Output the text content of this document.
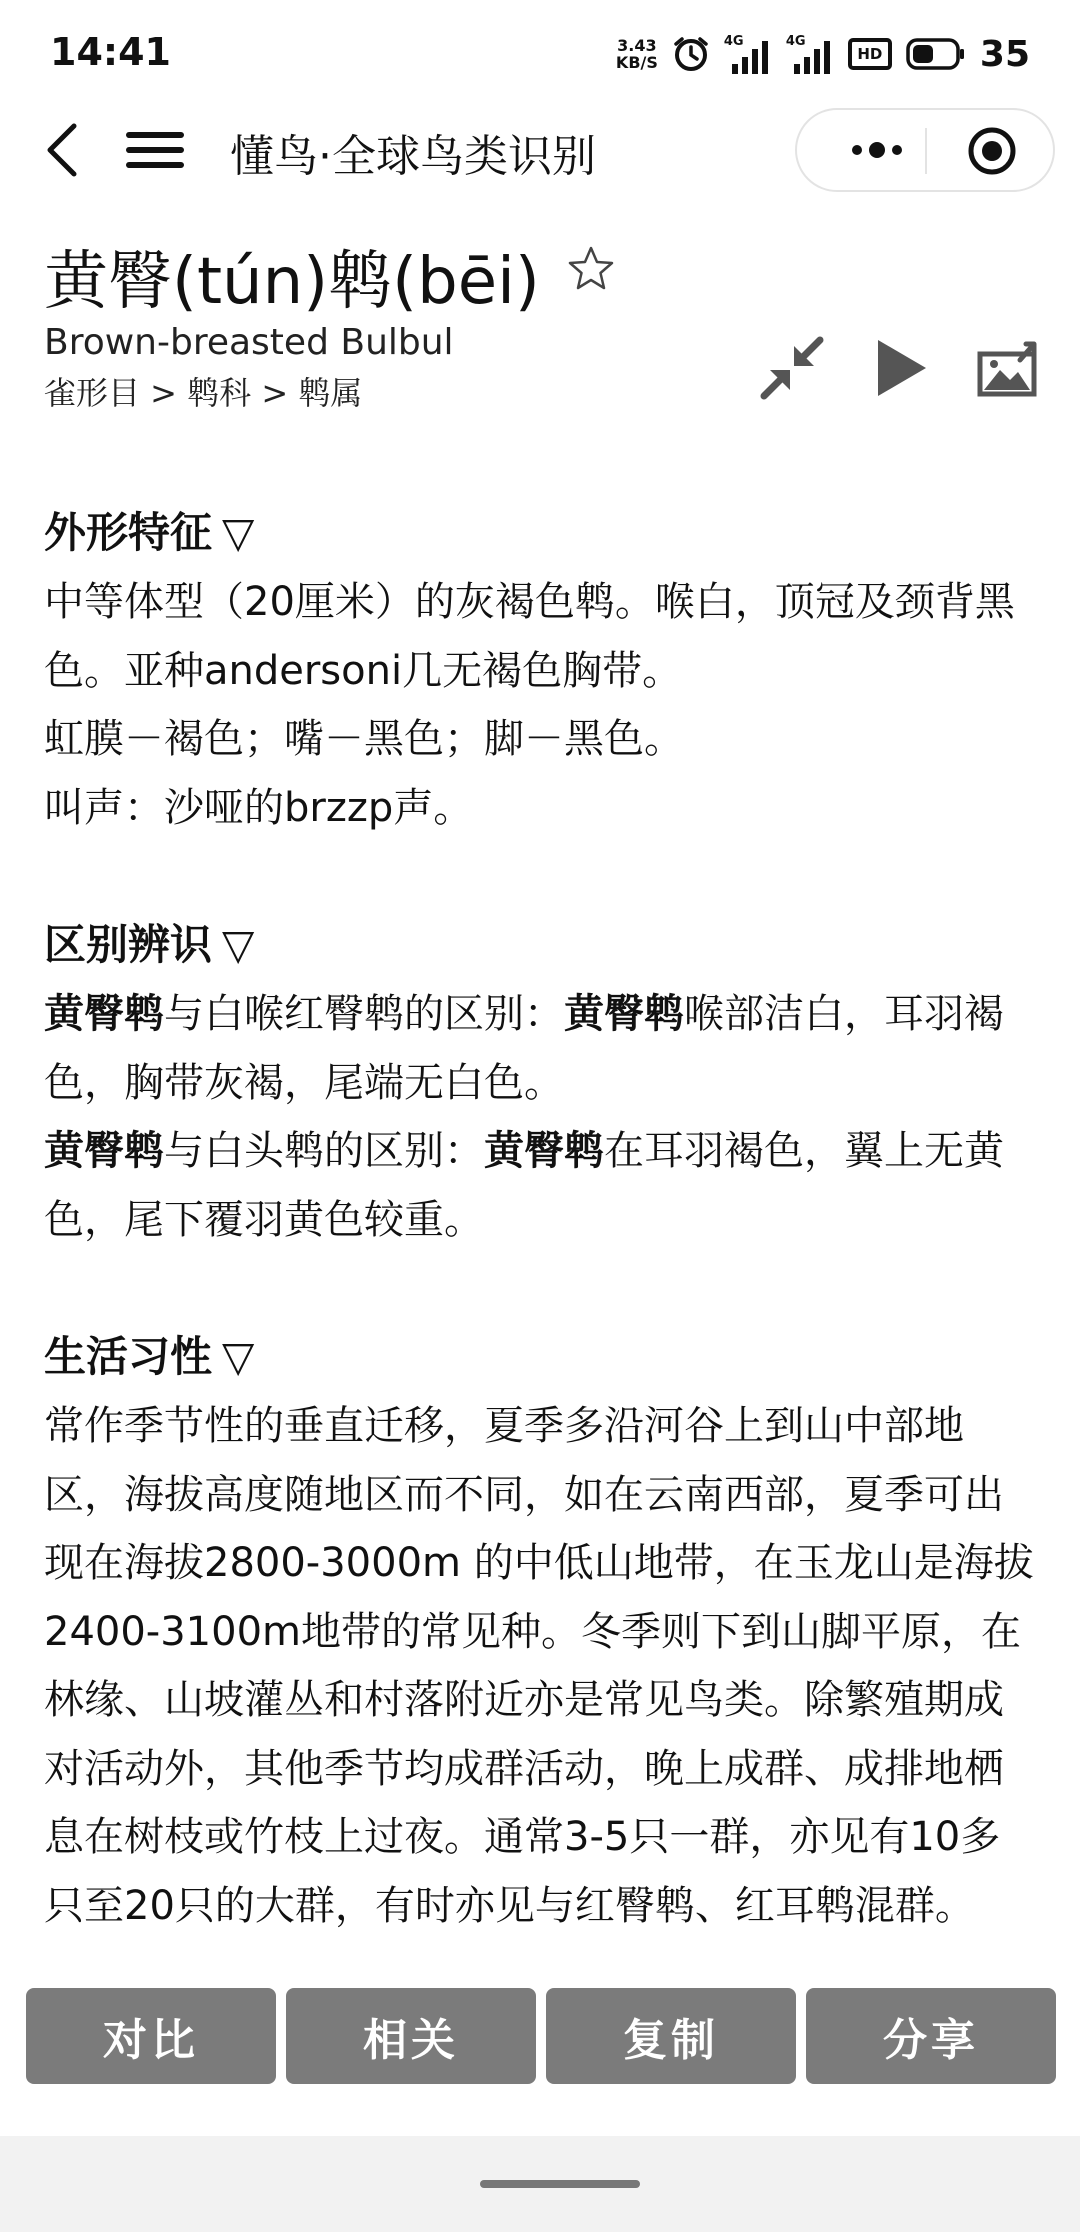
14:41	3.43
KB/S
4G	4G
HD	35
懂鸟·全球鸟类识别
黄臀(tún)鹎(bēi)
Brown-breasted Bulbul
雀形目 > 鹎科 > 鹎属
外形特征 ▽
中等体型（20厘米）的灰褐色鹎。喉白，顶冠及颈背黑色。亚种andersoni几无褐色胸带。
虹膜－褐色；嘴－黑色；脚－黑色。
叫声：沙哑的brzzp声。
区别辨识 ▽
黄臀鹎与白喉红臀鹎的区别：黄臀鹎喉部洁白，耳羽褐色，胸带灰褐，尾端无白色。
黄臀鹎与白头鹎的区别：黄臀鹎在耳羽褐色，翼上无黄色，尾下覆羽黄色较重。
生活习性 ▽
常作季节性的垂直迁移，夏季多沿河谷上到山中部地区，海拔高度随地区而不同，如在云南西部，夏季可出现在海拔2800-3000m 的中低山地带，在玉龙山是海拔2400-3100m地带的常见种。冬季则下到山脚平原，在林缘、山坡灌丛和村落附近亦是常见鸟类。除繁殖期成对活动外，其他季节均成群活动，晚上成群、成排地栖息在树枝或竹枝上过夜。通常3-5只一群，亦见有10多只至20只的大群，有时亦见与红臀鹎、红耳鹎混群。
对比	相关	复制	分享
